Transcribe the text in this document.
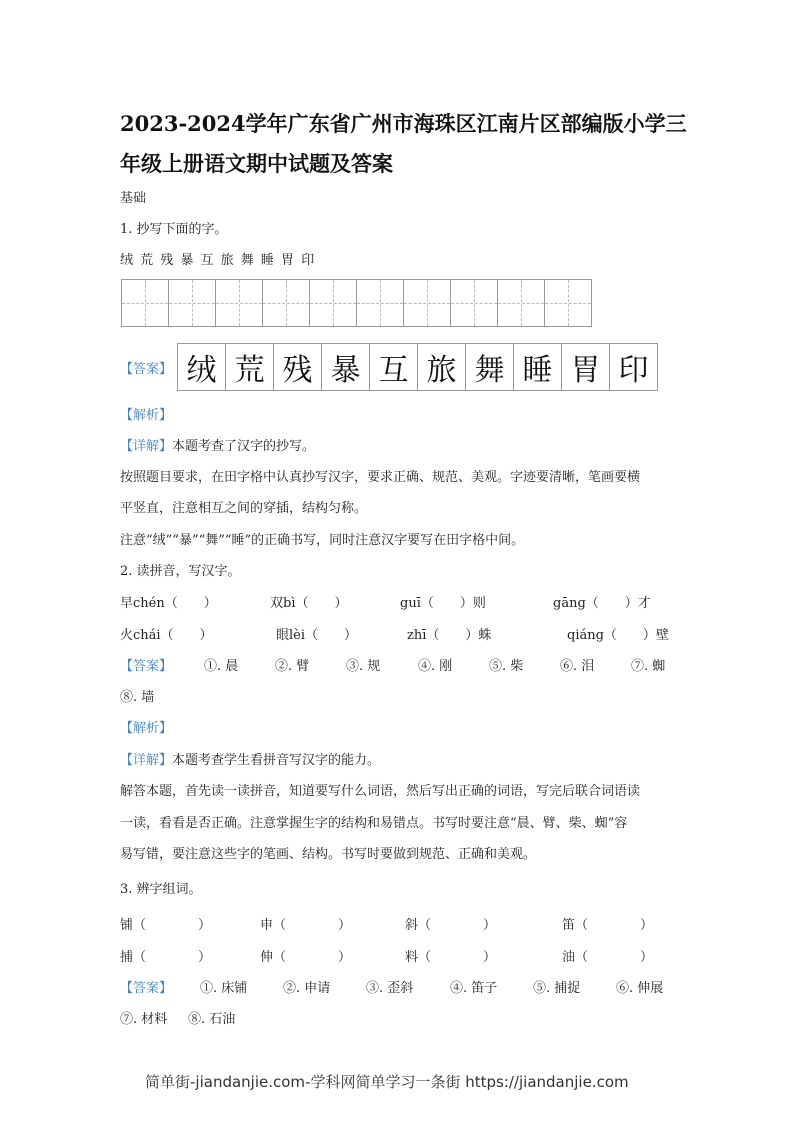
2023-2024学年广东省广州市海珠区江南片区部编版小学三
年级上册语文期中试题及答案
基础
1. 抄写下面的字。
绒 荒 残 暴 互 旅 舞 睡 胃 印
【答案】 绒 荒 残 暴 互 旅 舞 睡 胃 印
【解析】
【详解】本题考查了汉字的抄写。
按照题目要求，在田字格中认真抄写汉字，要求正确、规范、美观。字迹要清晰，笔画要横
平竖直，注意相互之间的穿插，结构匀称。
注意“绒”“暴”“舞”“睡”的正确书写，同时注意汉字要写在田字格中间。
2. 读拼音，写汉字。
早chén（　　）	双bì（　　）	guī（　　）则	gāng（　　）才
火chái（　　）	眼lèi（　　）	zhī（　　）蛛	qiáng（　　）壁
【答案】 ①. 晨	②. 臂	③. 规	④. 刚	⑤. 柴	⑥. 泪	⑦. 蜘
⑧. 墙
【解析】
【详解】本题考查学生看拼音写汉字的能力。
解答本题，首先读一读拼音，知道要写什么词语，然后写出正确的词语，写完后联合词语读
一读，看看是否正确。注意掌握生字的结构和易错点。书写时要注意“晨、臂、柴、蜘”容
易写错，要注意这些字的笔画、结构。书写时要做到规范、正确和美观。
3. 辨字组词。
铺（　　　　）	申（　　　　）	斜（　　　　）	笛（　　　　）
捕（　　　　）	伸（　　　　）	料（　　　　）	油（　　　　）
【答案】 ①. 床铺	②. 申请	③. 歪斜	④. 笛子	⑤. 捕捉	⑥. 伸展
⑦. 材料 ⑧. 石油
简单街-jiandanjie.com-学科网简单学习一条街 https://jiandanjie.com
